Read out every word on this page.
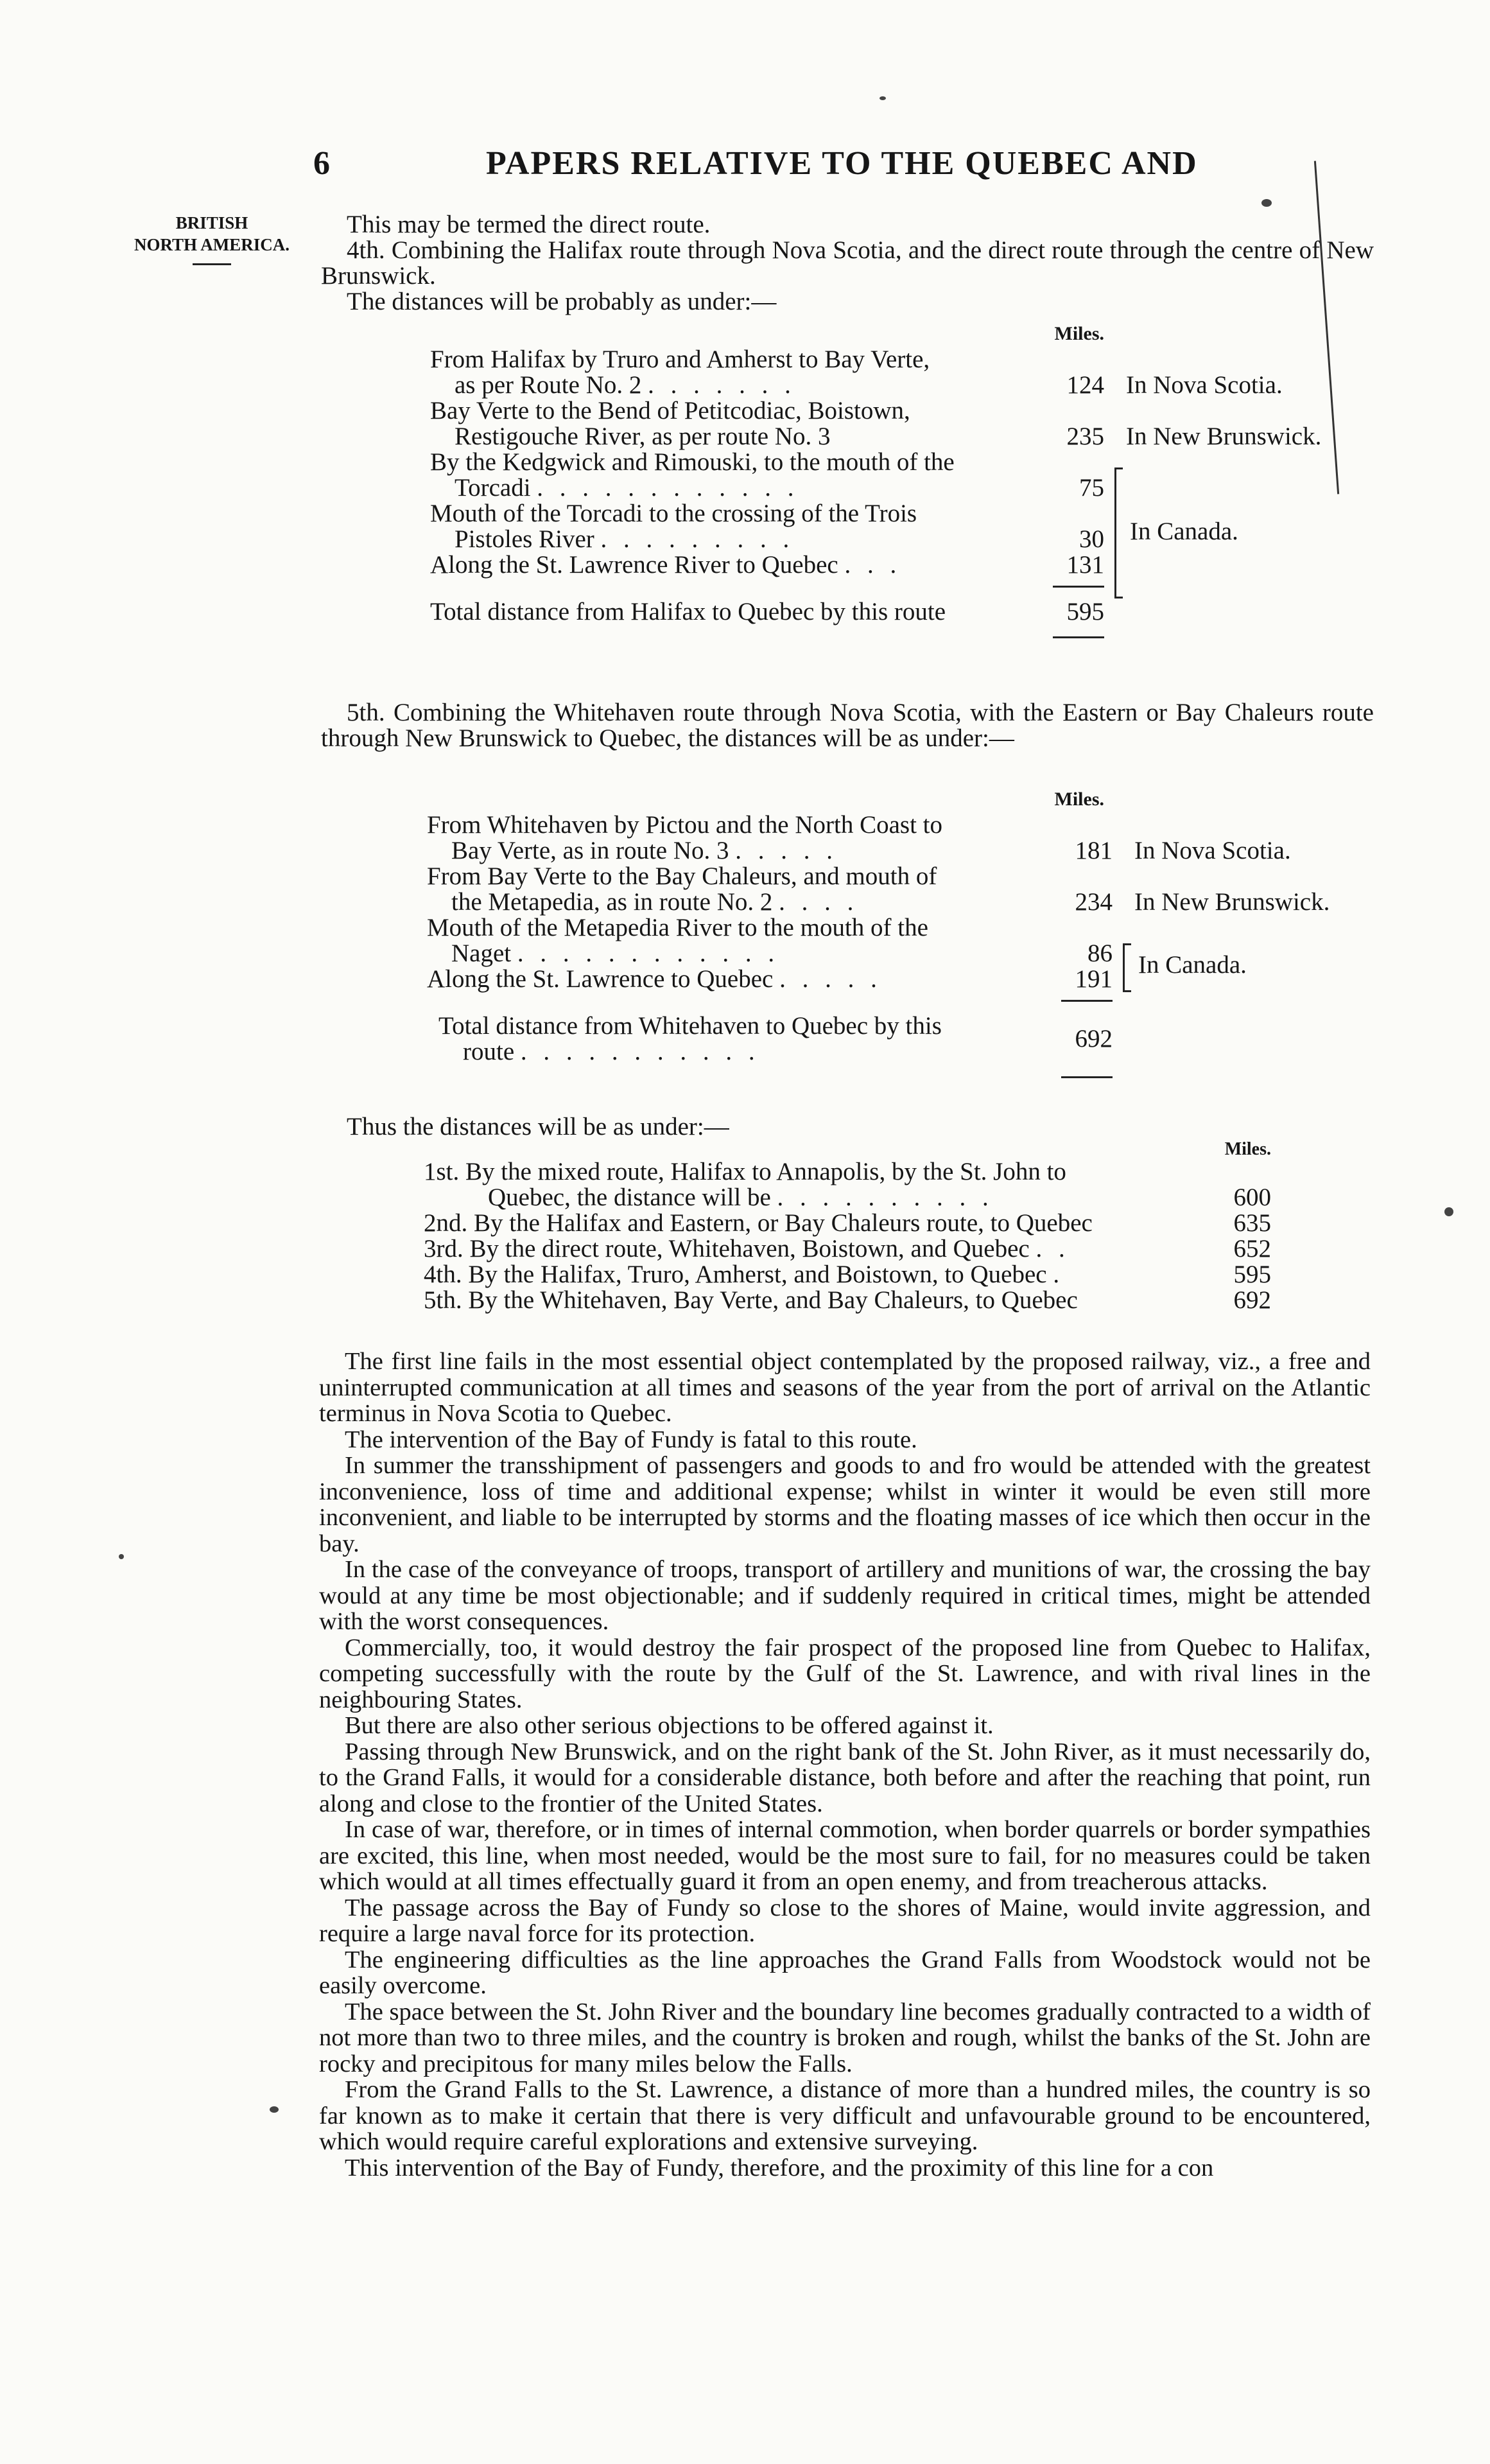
6	PAPERS RELATIVE TO THE QUEBEC AND
BRITISH
NORTH AMERICA.

This may be termed the direct route.

4th. Combining the Halifax route through Nova Scotia, and the direct route through the centre of New Brunswick.

The distances will be probably as under:—

Miles.
From Halifax by Truro and Amherst to Bay Verte,
as per Route No. 2 . . . . . . .	124	In Nova Scotia.

Bay Verte to the Bend of Petitcodiac, Boistown,
Restigouche River, as per route No. 3	235	In New Brunswick.

By the Kedgwick and Rimouski, to the mouth of the
Torcadi . . . . . . . . . . . .	75	In Canada.

Mouth of the Torcadi to the crossing of the Trois
Pistoles River . . . . . . . . .	30	
Along the St. Lawrence River to Quebec . . .	131	

Total distance from Halifax to Quebec by this route	595	

5th. Combining the Whitehaven route through Nova Scotia, with the Eastern or Bay Chaleurs route through New Brunswick to Quebec, the distances will be as under:—

Miles.
From Whitehaven by Pictou and the North Coast to
Bay Verte, as in route No. 3 . . . . .	181	In Nova Scotia.

From Bay Verte to the Bay Chaleurs, and mouth of
the Metapedia, as in route No. 2 . . . .	234	In New Brunswick.

Mouth of the Metapedia River to the mouth of the
Naget . . . . . . . . . . . .	86	In Canada.

Along the St. Lawrence to Quebec . . . . .	191	

Total distance from Whitehaven to Quebec by this
route . . . . . . . . . . .	692	

Thus the distances will be as under:—

Miles.
1st. By the mixed route, Halifax to Annapolis, by the St. John to
Quebec, the distance will be . . . . . . . . . .	600
2nd. By the Halifax and Eastern, or Bay Chaleurs route, to Quebec	635
3rd. By the direct route, Whitehaven, Boistown, and Quebec . .	652
4th. By the Halifax, Truro, Amherst, and Boistown, to Quebec .	595
5th. By the Whitehaven, Bay Verte, and Bay Chaleurs, to Quebec	692

The first line fails in the most essential object contemplated by the proposed railway, viz., a free and uninterrupted communication at all times and seasons of the year from the port of arrival on the Atlantic terminus in Nova Scotia to Quebec.

The intervention of the Bay of Fundy is fatal to this route.

In summer the transshipment of passengers and goods to and fro would be attended with the greatest inconvenience, loss of time and additional expense; whilst in winter it would be even still more inconvenient, and liable to be interrupted by storms and the floating masses of ice which then occur in the bay.

In the case of the conveyance of troops, transport of artillery and munitions of war, the crossing the bay would at any time be most objectionable; and if suddenly required in critical times, might be attended with the worst consequences.

Commercially, too, it would destroy the fair prospect of the proposed line from Quebec to Halifax, competing successfully with the route by the Gulf of the St. Lawrence, and with rival lines in the neighbouring States.

But there are also other serious objections to be offered against it.

Passing through New Brunswick, and on the right bank of the St. John River, as it must necessarily do, to the Grand Falls, it would for a considerable distance, both before and after the reaching that point, run along and close to the frontier of the United States.

In case of war, therefore, or in times of internal commotion, when border quarrels or border sympathies are excited, this line, when most needed, would be the most sure to fail, for no measures could be taken which would at all times effectually guard it from an open enemy, and from treacherous attacks.

The passage across the Bay of Fundy so close to the shores of Maine, would invite aggression, and require a large naval force for its protection.

The engineering difficulties as the line approaches the Grand Falls from Woodstock would not be easily overcome.

The space between the St. John River and the boundary line becomes gradually contracted to a width of not more than two to three miles, and the country is broken and rough, whilst the banks of the St. John are rocky and precipitous for many miles below the Falls.

From the Grand Falls to the St. Lawrence, a distance of more than a hundred miles, the country is so far known as to make it certain that there is very difficult and unfavourable ground to be encountered, which would require careful explorations and extensive surveying.

This intervention of the Bay of Fundy, therefore, and the proximity of this line for a con
